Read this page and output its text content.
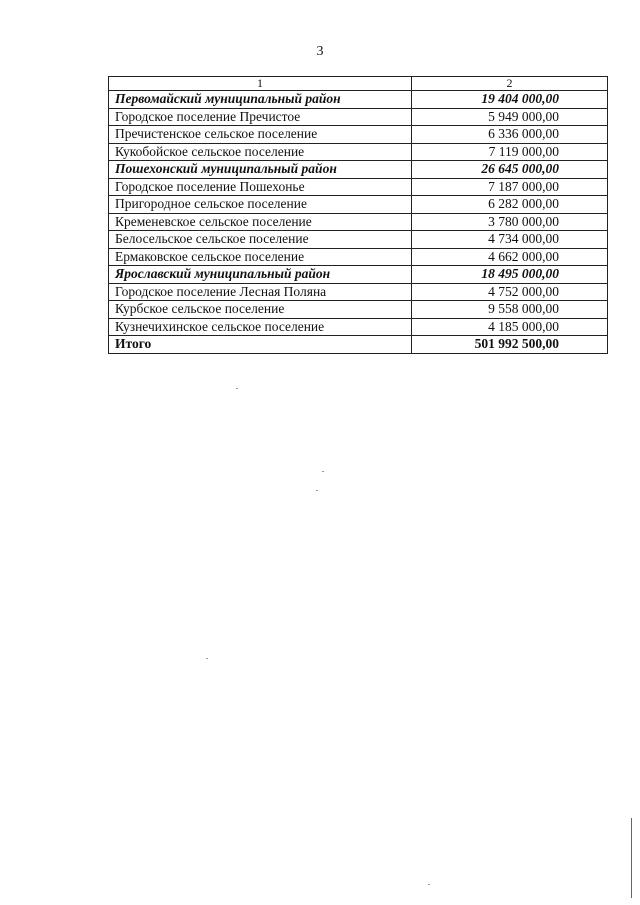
3
1	2
Первомайский муниципальный район	19 404 000,00
Городское поселение Пречистое	5 949 000,00
Пречистенское сельское поселение	6 336 000,00
Кукобойское сельское поселение	7 119 000,00
Пошехонский муниципальный район	26 645 000,00
Городское поселение Пошехонье	7 187 000,00
Пригородное сельское поселение	6 282 000,00
Кременевское сельское поселение	3 780 000,00
Белосельское сельское поселение	4 734 000,00
Ермаковское сельское поселение	4 662 000,00
Ярославский муниципальный район	18 495 000,00
Городское поселение Лесная Поляна	4 752 000,00
Курбское сельское поселение	9 558 000,00
Кузнечихинское сельское поселение	4 185 000,00
Итого	501 992 500,00
